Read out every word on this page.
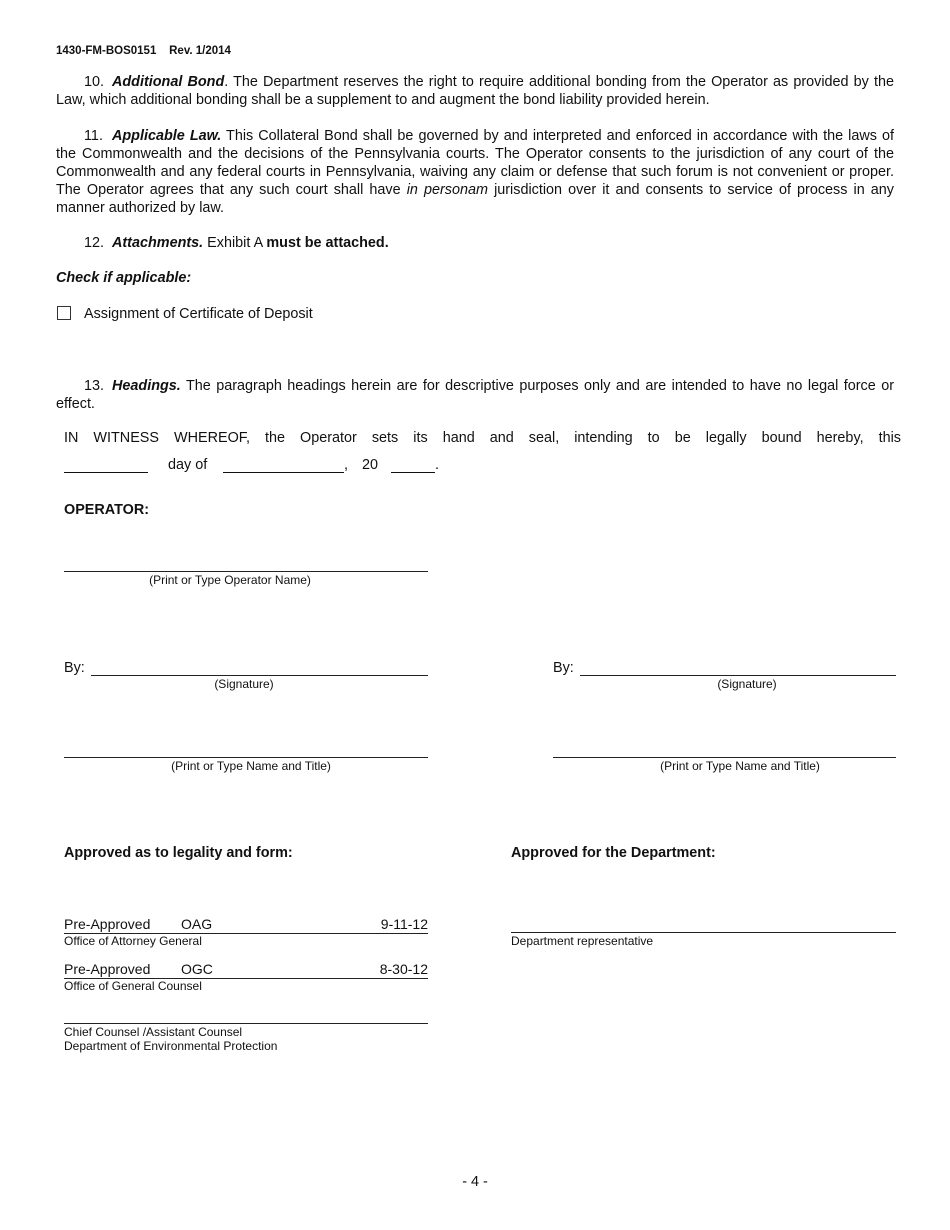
1430-FM-BOS0151    Rev. 1/2014
10. Additional Bond. The Department reserves the right to require additional bonding from the Operator as provided by the Law, which additional bonding shall be a supplement to and augment the bond liability provided herein.
11. Applicable Law. This Collateral Bond shall be governed by and interpreted and enforced in accordance with the laws of the Commonwealth and the decisions of the Pennsylvania courts. The Operator consents to the jurisdiction of any court of the Commonwealth and any federal courts in Pennsylvania, waiving any claim or defense that such forum is not convenient or proper. The Operator agrees that any such court shall have in personam jurisdiction over it and consents to service of process in any manner authorized by law.
12. Attachments. Exhibit A must be attached.
Check if applicable:
Assignment of Certificate of Deposit
13. Headings. The paragraph headings herein are for descriptive purposes only and are intended to have no legal force or effect.
IN WITNESS WHEREOF, the Operator sets its hand and seal, intending to be legally bound hereby, this
day of	, 20	.
OPERATOR:
(Print or Type Operator Name)
By:
(Signature)
By:
(Signature)
(Print or Type Name and Title)	(Print or Type Name and Title)
Approved as to legality and form:	Approved for the Department:
Pre-Approved OAG	9-11-12
Office of Attorney General	Department representative
Pre-Approved OGC	8-30-12
Office of General Counsel
Chief Counsel /Assistant Counsel
Department of Environmental Protection
- 4 -
